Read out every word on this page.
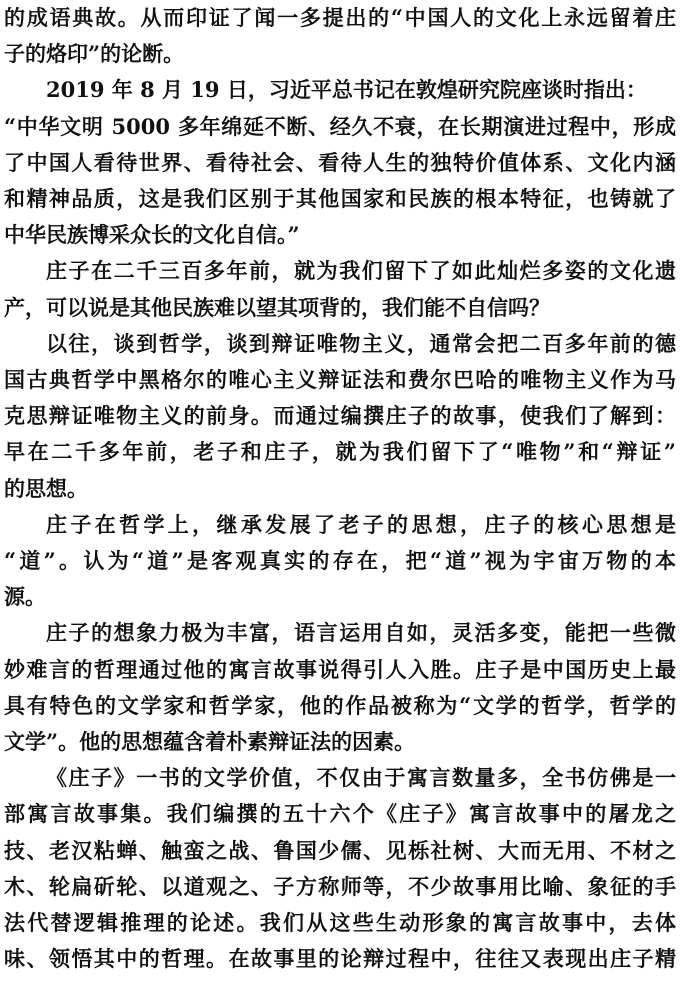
的成语典故。从而印证了闻一多提出的“中国人的文化上永远留着庄
子的烙印”的论断。
2019 年 8 月 19 日，习近平总书记在敦煌研究院座谈时指出：
“中华文明 5000 多年绵延不断、经久不衰，在长期演进过程中，形成
了中国人看待世界、看待社会、看待人生的独特价值体系、文化内涵
和精神品质，这是我们区别于其他国家和民族的根本特征，也铸就了
中华民族博采众长的文化自信。”
庄子在二千三百多年前，就为我们留下了如此灿烂多姿的文化遗
产，可以说是其他民族难以望其项背的，我们能不自信吗？
以往，谈到哲学，谈到辩证唯物主义，通常会把二百多年前的德
国古典哲学中黑格尔的唯心主义辩证法和费尔巴哈的唯物主义作为马
克思辩证唯物主义的前身。而通过编撰庄子的故事，使我们了解到：
早在二千多年前，老子和庄子，就为我们留下了“唯物”和“辩证”
的思想。
庄子在哲学上，继承发展了老子的思想，庄子的核心思想是
“道”。认为“道”是客观真实的存在，把“道”视为宇宙万物的本
源。
庄子的想象力极为丰富，语言运用自如，灵活多变，能把一些微
妙难言的哲理通过他的寓言故事说得引人入胜。庄子是中国历史上最
具有特色的文学家和哲学家，他的作品被称为“文学的哲学，哲学的
文学”。他的思想蕴含着朴素辩证法的因素。
《庄子》一书的文学价值，不仅由于寓言数量多，全书仿佛是一
部寓言故事集。我们编撰的五十六个《庄子》寓言故事中的屠龙之
技、老汉粘蝉、触蛮之战、鲁国少儒、见栎社树、大而无用、不材之
木、轮扁斫轮、以道观之、子方称师等，不少故事用比喻、象征的手
法代替逻辑推理的论述。我们从这些生动形象的寓言故事中，去体
味、领悟其中的哲理。在故事里的论辩过程中，往往又表现出庄子精
